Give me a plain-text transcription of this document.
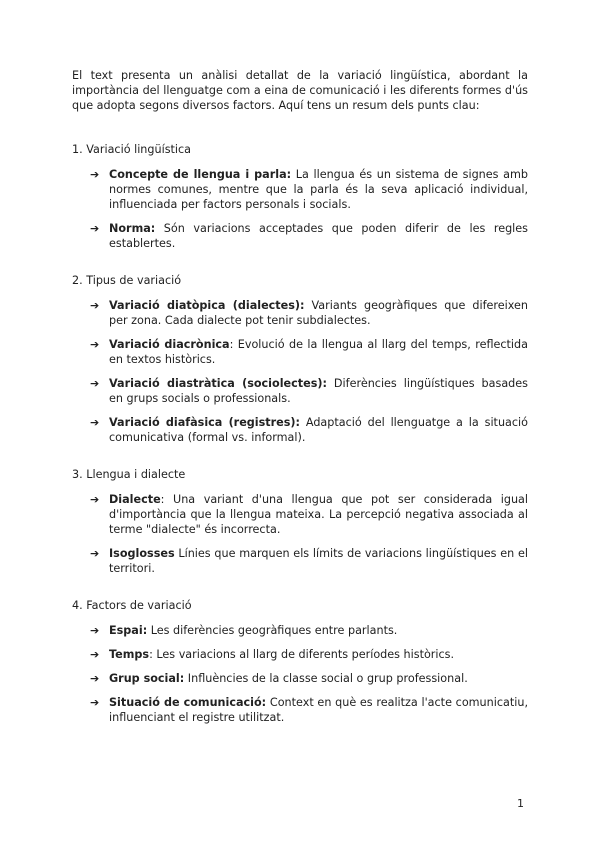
El text presenta un anàlisi detallat de la variació lingüística, abordant la importància del llenguatge com a eina de comunicació i les diferents formes d'ús que adopta segons diversos factors. Aquí tens un resum dels punts clau:

1. Variació lingüística
➔ Concepte de llengua i parla: La llengua és un sistema de signes amb normes comunes, mentre que la parla és la seva aplicació individual, influenciada per factors personals i socials.
➔ Norma: Són variacions acceptades que poden diferir de les regles establertes.
2. Tipus de variació
➔ Variació diatòpica (dialectes): Variants geogràfiques que difereixen per zona. Cada dialecte pot tenir subdialectes.
➔ Variació diacrònica: Evolució de la llengua al llarg del temps, reflectida en textos històrics.
➔ Variació diastràtica (sociolectes): Diferències lingüístiques basades en grups socials o professionals.
➔ Variació diafàsica (registres): Adaptació del llenguatge a la situació comunicativa (formal vs. informal).
3. Llengua i dialecte
➔ Dialecte: Una variant d'una llengua que pot ser considerada igual d'importància que la llengua mateixa. La percepció negativa associada al terme "dialecte" és incorrecta.
➔ Isoglosses Línies que marquen els límits de variacions lingüístiques en el territori.
4. Factors de variació
➔ Espai: Les diferències geogràfiques entre parlants.
➔ Temps: Les variacions al llarg de diferents períodes històrics.
➔ Grup social: Influències de la classe social o grup professional.
➔ Situació de comunicació: Context en què es realitza l'acte comunicatiu, influenciant el registre utilitzat.
1
